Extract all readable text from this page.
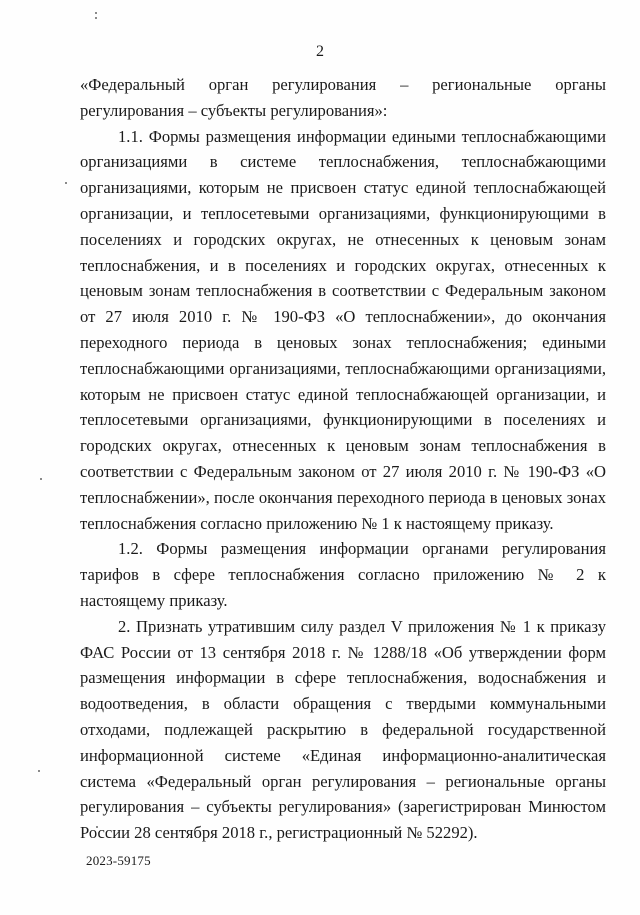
2

«Федеральный орган регулирования – региональные органы регулирования – субъекты регулирования»:

1.1. Формы размещения информации едиными теплоснабжающими организациями в системе теплоснабжения, теплоснабжающими организациями, которым не присвоен статус единой теплоснабжающей организации, и теплосетевыми организациями, функционирующими в поселениях и городских округах, не отнесенных к ценовым зонам теплоснабжения, и в поселениях и городских округах, отнесенных к ценовым зонам теплоснабжения в соответствии с Федеральным законом от 27 июля 2010 г. № 190-ФЗ «О теплоснабжении», до окончания переходного периода в ценовых зонах теплоснабжения; едиными теплоснабжающими организациями, теплоснабжающими организациями, которым не присвоен статус единой теплоснабжающей организации, и теплосетевыми организациями, функционирующими в поселениях и городских округах, отнесенных к ценовым зонам теплоснабжения в соответствии с Федеральным законом от 27 июля 2010 г. № 190-ФЗ «О теплоснабжении», после окончания переходного периода в ценовых зонах теплоснабжения согласно приложению № 1 к настоящему приказу.

1.2. Формы размещения информации органами регулирования тарифов в сфере теплоснабжения согласно приложению № 2 к настоящему приказу.

2. Признать утратившим силу раздел V приложения № 1 к приказу ФАС России от 13 сентября 2018 г. № 1288/18 «Об утверждении форм размещения информации в сфере теплоснабжения, водоснабжения и водоотведения, в области обращения с твердыми коммунальными отходами, подлежащей раскрытию в федеральной государственной информационной системе «Единая информационно-аналитическая система «Федеральный орган регулирования – региональные органы регулирования – субъекты регулирования» (зарегистрирован Минюстом России 28 сентября 2018 г., регистрационный № 52292).

2023-59175
